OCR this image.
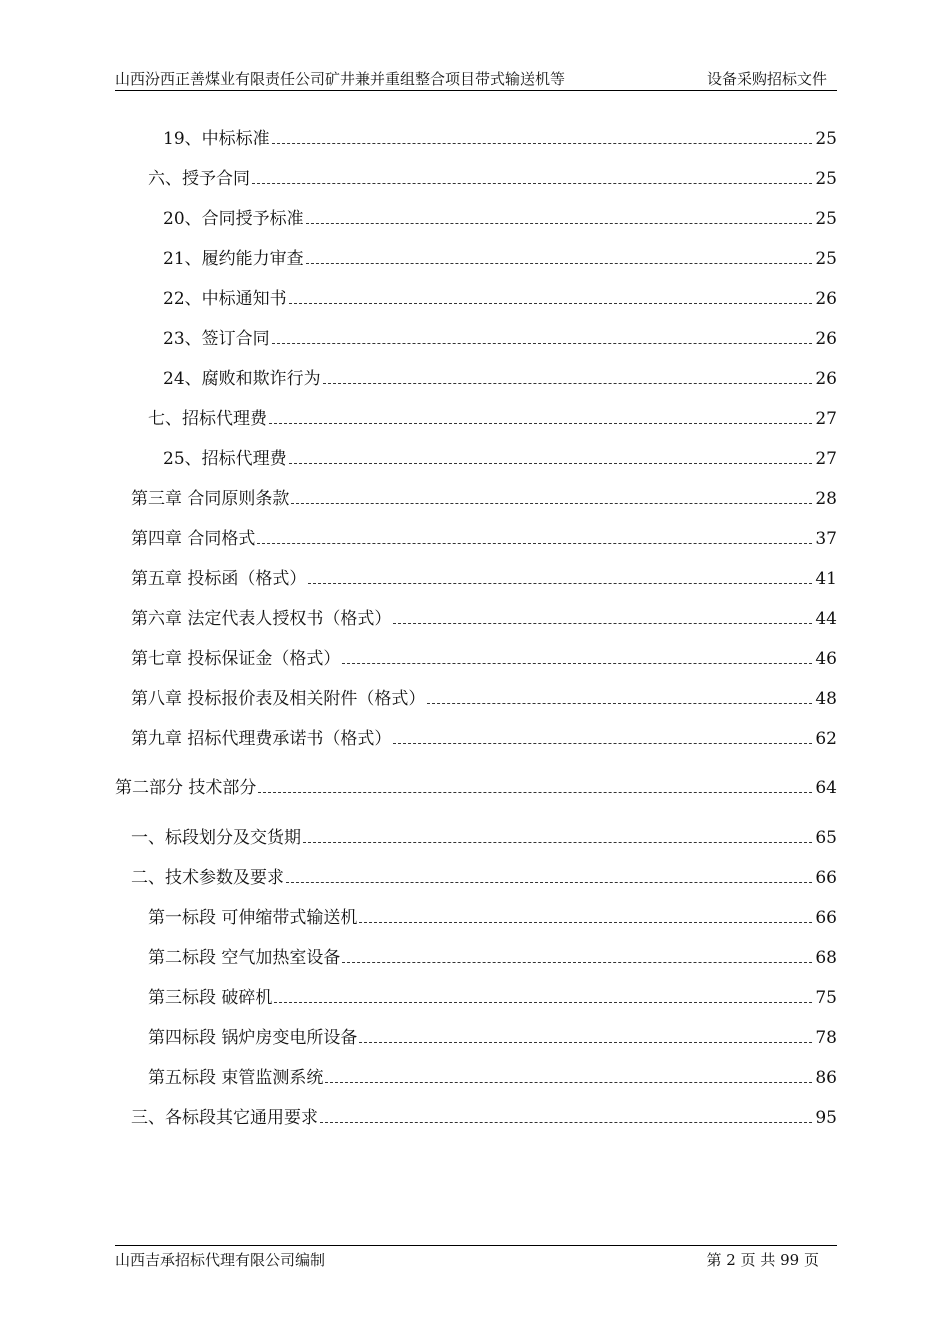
山西汾西正善煤业有限责任公司矿井兼并重组整合项目带式输送机等	设备采购招标文件
19、中标标准	25
六、授予合同	25
20、合同授予标准	25
21、履约能力审查	25
22、中标通知书	26
23、签订合同	26
24、腐败和欺诈行为	26
七、招标代理费	27
25、招标代理费	27
第三章 合同原则条款	28
第四章 合同格式	37
第五章 投标函（格式）	41
第六章 法定代表人授权书（格式）	44
第七章 投标保证金（格式）	46
第八章 投标报价表及相关附件（格式）	48
第九章 招标代理费承诺书（格式）	62
第二部分 技术部分	64
一、标段划分及交货期	65
二、技术参数及要求	66
第一标段 可伸缩带式输送机	66
第二标段 空气加热室设备	68
第三标段 破碎机	75
第四标段 锅炉房变电所设备	78
第五标段 束管监测系统	86
三、各标段其它通用要求	95
山西吉承招标代理有限公司编制	第 2 页 共 99 页
